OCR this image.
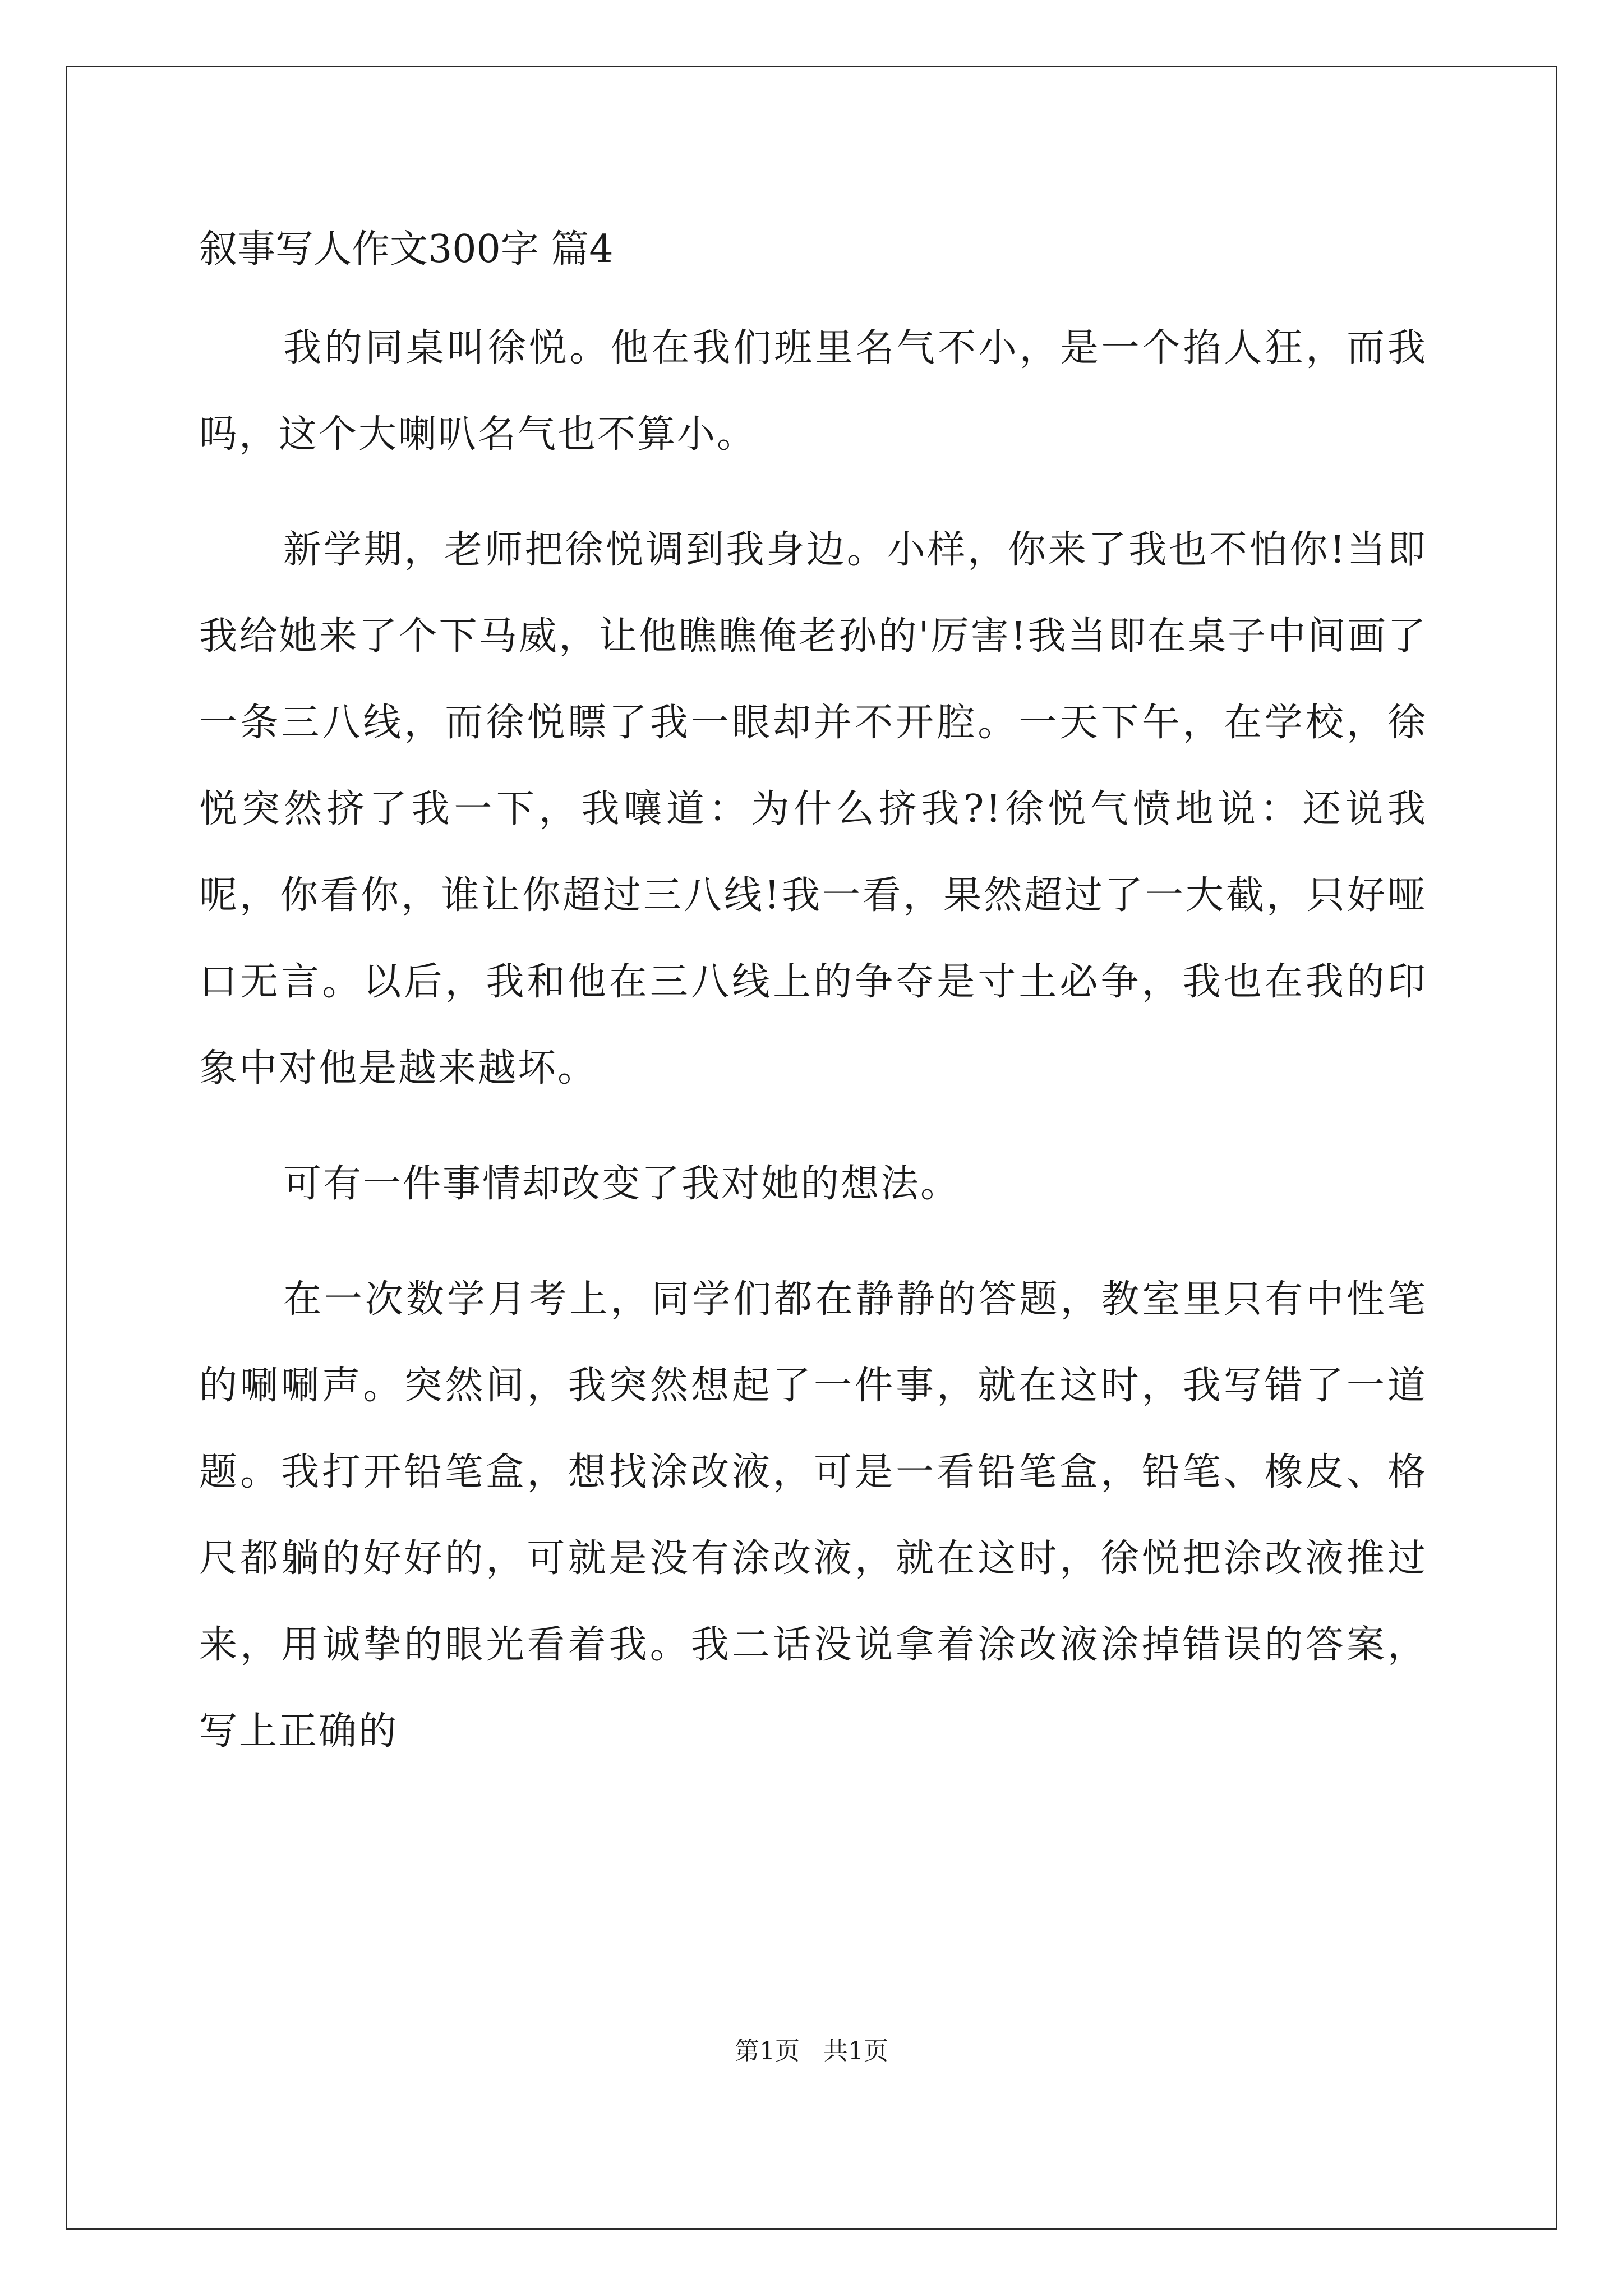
叙事写人作文300字 篇4

我的同桌叫徐悦。他在我们班里名气不小，是一个掐人狂，而我吗，这个大喇叭名气也不算小。

新学期，老师把徐悦调到我身边。小样，你来了我也不怕你!当即我给她来了个下马威，让他瞧瞧俺老孙的'厉害!我当即在桌子中间画了一条三八线，而徐悦瞟了我一眼却并不开腔。一天下午，在学校，徐悦突然挤了我一下，我嚷道：为什么挤我?!徐悦气愤地说：还说我呢，你看你，谁让你超过三八线!我一看，果然超过了一大截，只好哑口无言。以后，我和他在三八线上的争夺是寸土必争，我也在我的印象中对他是越来越坏。

可有一件事情却改变了我对她的想法。

在一次数学月考上，同学们都在静静的答题，教室里只有中性笔的唰唰声。突然间，我突然想起了一件事，就在这时，我写错了一道题。我打开铅笔盒，想找涂改液，可是一看铅笔盒，铅笔、橡皮、格尺都躺的好好的，可就是没有涂改液，就在这时，徐悦把涂改液推过来，用诚挚的眼光看着我。我二话没说拿着涂改液涂掉错误的答案，写上正确的

第1页   共1页
